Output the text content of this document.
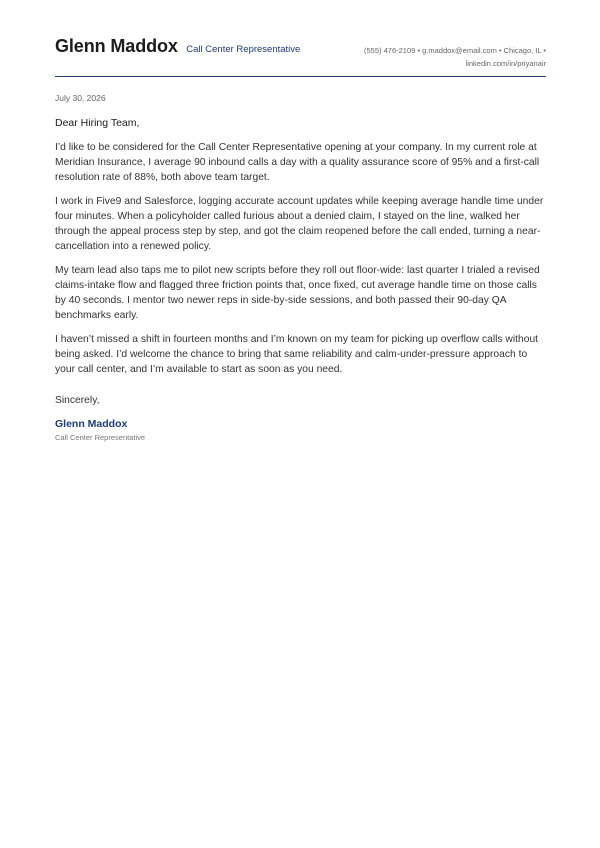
Glenn Maddox Call Center Representative	(555) 476-2109 • g.maddox@email.com • Chicago, IL •
linkedin.com/in/priyanair
July 30, 2026
Dear Hiring Team,

I’d like to be considered for the Call Center Representative opening at your company. In my current role at Meridian Insurance, I average 90 inbound calls a day with a quality assurance score of 95% and a first-call resolution rate of 88%, both above team target.

I work in Five9 and Salesforce, logging accurate account updates while keeping average handle time under four minutes. When a policyholder called furious about a denied claim, I stayed on the line, walked her through the appeal process step by step, and got the claim reopened before the call ended, turning a near-cancellation into a renewed policy.

My team lead also taps me to pilot new scripts before they roll out floor-wide: last quarter I trialed a revised claims-intake flow and flagged three friction points that, once fixed, cut average handle time on those calls by 40 seconds. I mentor two newer reps in side-by-side sessions, and both passed their 90-day QA benchmarks early.

I haven’t missed a shift in fourteen months and I’m known on my team for picking up overflow calls without being asked. I’d welcome the chance to bring that same reliability and calm-under-pressure approach to your call center, and I’m available to start as soon as you need.

Sincerely,
Glenn Maddox
Call Center Representative
